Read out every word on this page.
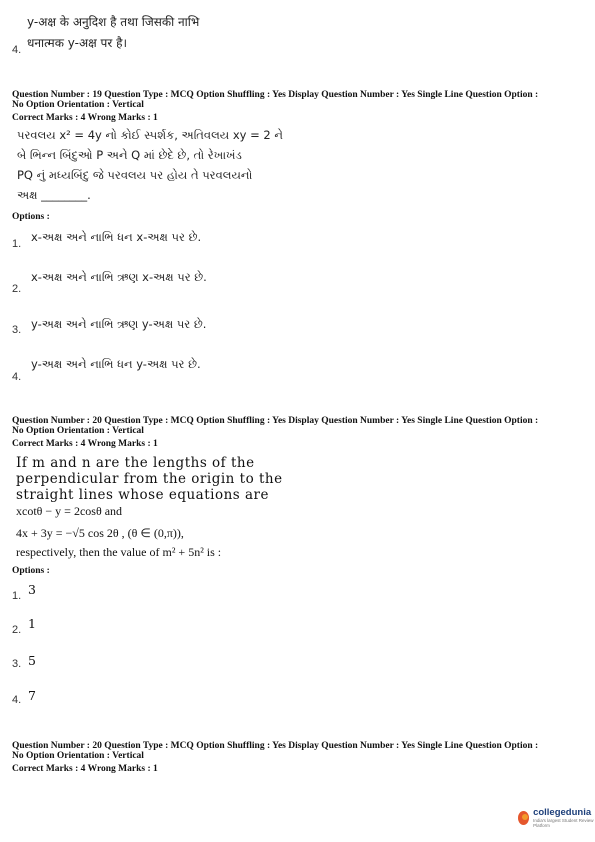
y-अक्ष के अनुदिश है तथा जिसकी नाभि
4. धनात्मक y-अक्ष पर है।
Question Number : 19 Question Type : MCQ Option Shuffling : Yes Display Question Number : Yes Single Line Question Option :
No Option Orientation : Vertical
Correct Marks : 4 Wrong Marks : 1
પરવલય x² = 4y નો કોઈ સ્પર્શક, અતિવલય xy = 2 ને
બે ભિન્ન બિંદુઓ P અને Q માં છેદે છે, તો રેખાખંડ
PQ નું મધ્યબિંદુ જે પરવલય પર હોય તે પરવલયનો
અક્ષ ________.
Options :
1. x-અક્ષ અને નાભિ ધન x-અક્ષ પર છે.
2.
x-અક્ષ અને નાભિ ઋણ x-અક્ષ પર છે.
3. y-અક્ષ અને નાભિ ઋણ y-અક્ષ પર છે.
4.
y-અક્ષ અને નાભિ ધન y-અક્ષ પર છે.
Question Number : 20 Question Type : MCQ Option Shuffling : Yes Display Question Number : Yes Single Line Question Option :
No Option Orientation : Vertical
Correct Marks : 4 Wrong Marks : 1
If m and n are the lengths of the
perpendicular from the origin to the
straight lines whose equations are
xcotθ − y = 2cosθ and
4x + 3y = −√5 cos 2θ , (θ ∈ (0,π)),
respectively, then the value of m² + 5n² is :
Options :
1. 3
2. 1
3. 5
4. 7
Question Number : 20 Question Type : MCQ Option Shuffling : Yes Display Question Number : Yes Single Line Question Option :
No Option Orientation : Vertical
Correct Marks : 4 Wrong Marks : 1
collegedunia
India's largest Student Review Platform
